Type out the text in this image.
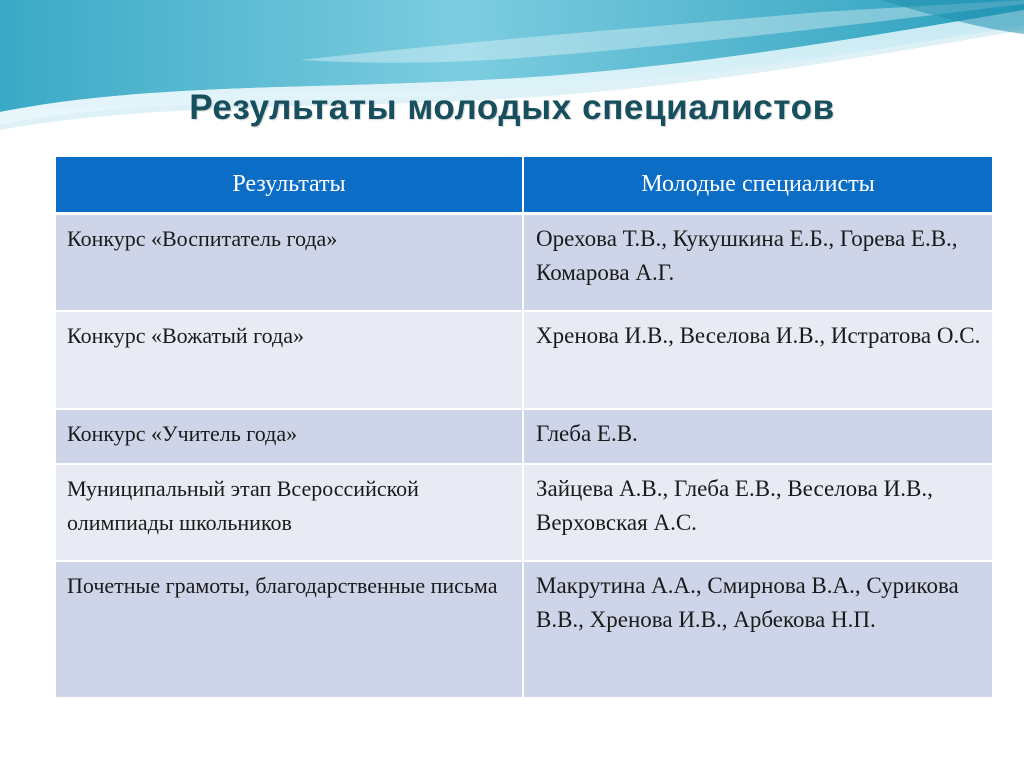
Результаты молодых специалистов
Результаты	Молодые специалисты
Конкурс «Воспитатель года»	Орехова Т.В., Кукушкина Е.Б., Горева Е.В., Комарова А.Г.
Конкурс «Вожатый года»	Хренова И.В., Веселова И.В., Истратова О.С.
Конкурс «Учитель года»	Глеба Е.В.
Муниципальный этап Всероссийской олимпиады школьников	Зайцева А.В., Глеба Е.В., Веселова И.В., Верховская А.С.
Почетные грамоты, благодарственные письма	Макрутина А.А., Смирнова В.А., Сурикова В.В., Хренова И.В., Арбекова Н.П.
